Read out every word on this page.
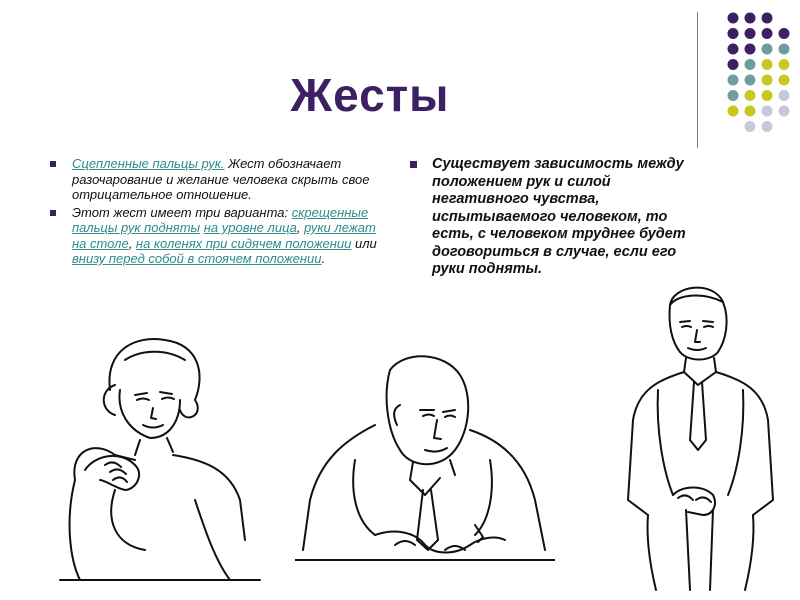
Жесты
Сцепленные пальцы рук. Жест обозначает разочарование и желание человека скрыть свое отрицательное отношение.
Этот жест имеет три варианта: скрещенные пальцы рук подняты на уровне лица, руки лежат на столе, на коленях при сидячем положении или внизу перед собой в стоячем положении.
Существует зависимость между положением рук и силой негативного чувства, испытываемого человеком, то есть, с человеком труднее будет договориться в случае, если его руки подняты.
